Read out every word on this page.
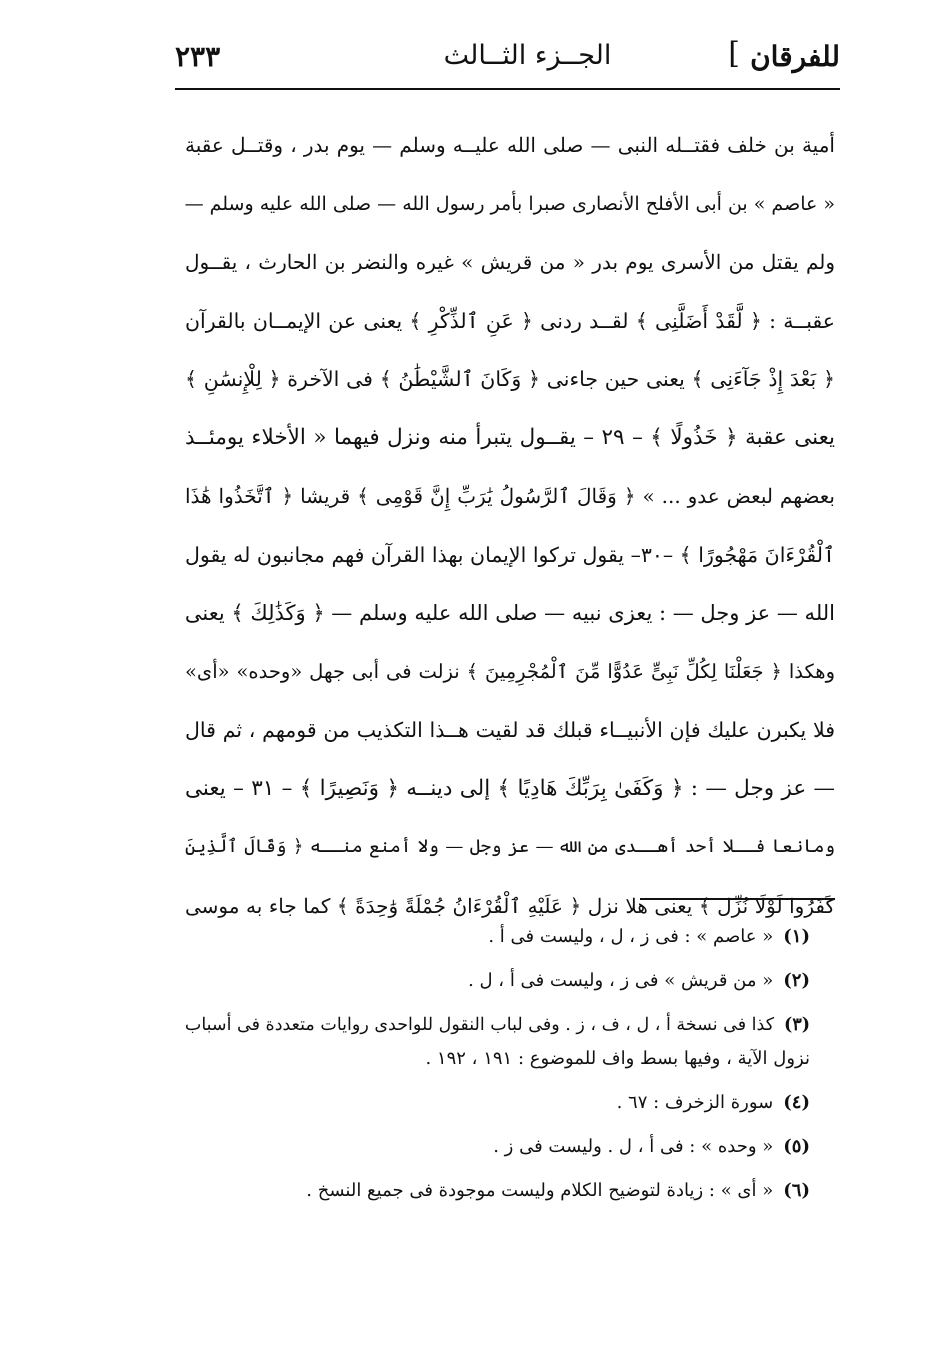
للفرقان
]
الجــزء الثــالث
٢٣٣
أمية بن خلف فقتــله النبى — صلى الله عليــه وسلم — يوم بدر ، وقتــل عقبة
« عاصم » بن أبى الأفلح الأنصارى صبرا بأمر رسول الله — صلى الله عليه وسلم —
ولم يقتل من الأسرى يوم بدر « من قريش » غيره والنضر بن الحارث ، يقــول
عقبــة : ﴿ لَّقَدْ أَضَلَّنِى ﴾ لقــد ردنى ﴿ عَنِ ٱلذِّكْرِ ﴾ يعنى عن الإيمــان بالقرآن
﴿ بَعْدَ إِذْ جَآءَنِى ﴾ يعنى حين جاءنى ﴿ وَكَانَ ٱلشَّيْطَٰنُ ﴾ فى الآخرة ﴿ لِلْإِنسَٰنِ ﴾
يعنى عقبة ﴿ خَذُولًا ﴾ – ٢٩ – يقــول يتبرأ منه ونزل فيهما « الأخلاء يومئــذ
بعضهم لبعض عدو ... » ﴿ وَقَالَ ٱلرَّسُولُ يَٰرَبِّ إِنَّ قَوْمِى ﴾ قريشا ﴿ ٱتَّخَذُوا هَٰذَا
ٱلْقُرْءَانَ مَهْجُورًا ﴾ –٣٠– يقول تركوا الإيمان بهذا القرآن فهم مجانبون له يقول
الله — عز وجل — : يعزى نبيه — صلى الله عليه وسلم — ﴿ وَكَذَٰلِكَ ﴾ يعنى
وهكذا ﴿ جَعَلْنَا لِكُلِّ نَبِىٍّ عَدُوًّا مِّنَ ٱلْمُجْرِمِينَ ﴾ نزلت فى أبى جهل «وحده» «أى»
فلا يكبرن عليك فإن الأنبيــاء قبلك قد لقيت هــذا التكذيب من قومهم ، ثم قال
— عز وجل — : ﴿ وَكَفَىٰ بِرَبِّكَ هَادِيًا ﴾ إلى دينــه ﴿ وَنَصِيرًا ﴾ – ٣١ – يعنى
ومانعا فــلا أحد أهــدى من الله — عز وجل — ولا أمنع منــه ﴿ وَقَالَ ٱلَّذِينَ
كَفَرُوا لَوْلَا نُزِّلَ ﴾ يعنى هلا نزل ﴿ عَلَيْهِ ٱلْقُرْءَانُ جُمْلَةً وَٰحِدَةً ﴾ كما جاء به موسى
(١)« عاصم » : فى ز ، ل ، وليست فى أ .
(٢)« من قريش » فى ز ، وليست فى أ ، ل .
(٣)كذا فى نسخة أ ، ل ، ف ، ز . وفى لباب النقول للواحدى روايات متعددة فى أسباب
نزول الآية ، وفيها بسط واف للموضوع : ١٩١ ، ١٩٢ .
(٤)سورة الزخرف : ٦٧ .
(٥)« وحده » : فى أ ، ل . وليست فى ز .
(٦)« أى » : زيادة لتوضيح الكلام وليست موجودة فى جميع النسخ .
